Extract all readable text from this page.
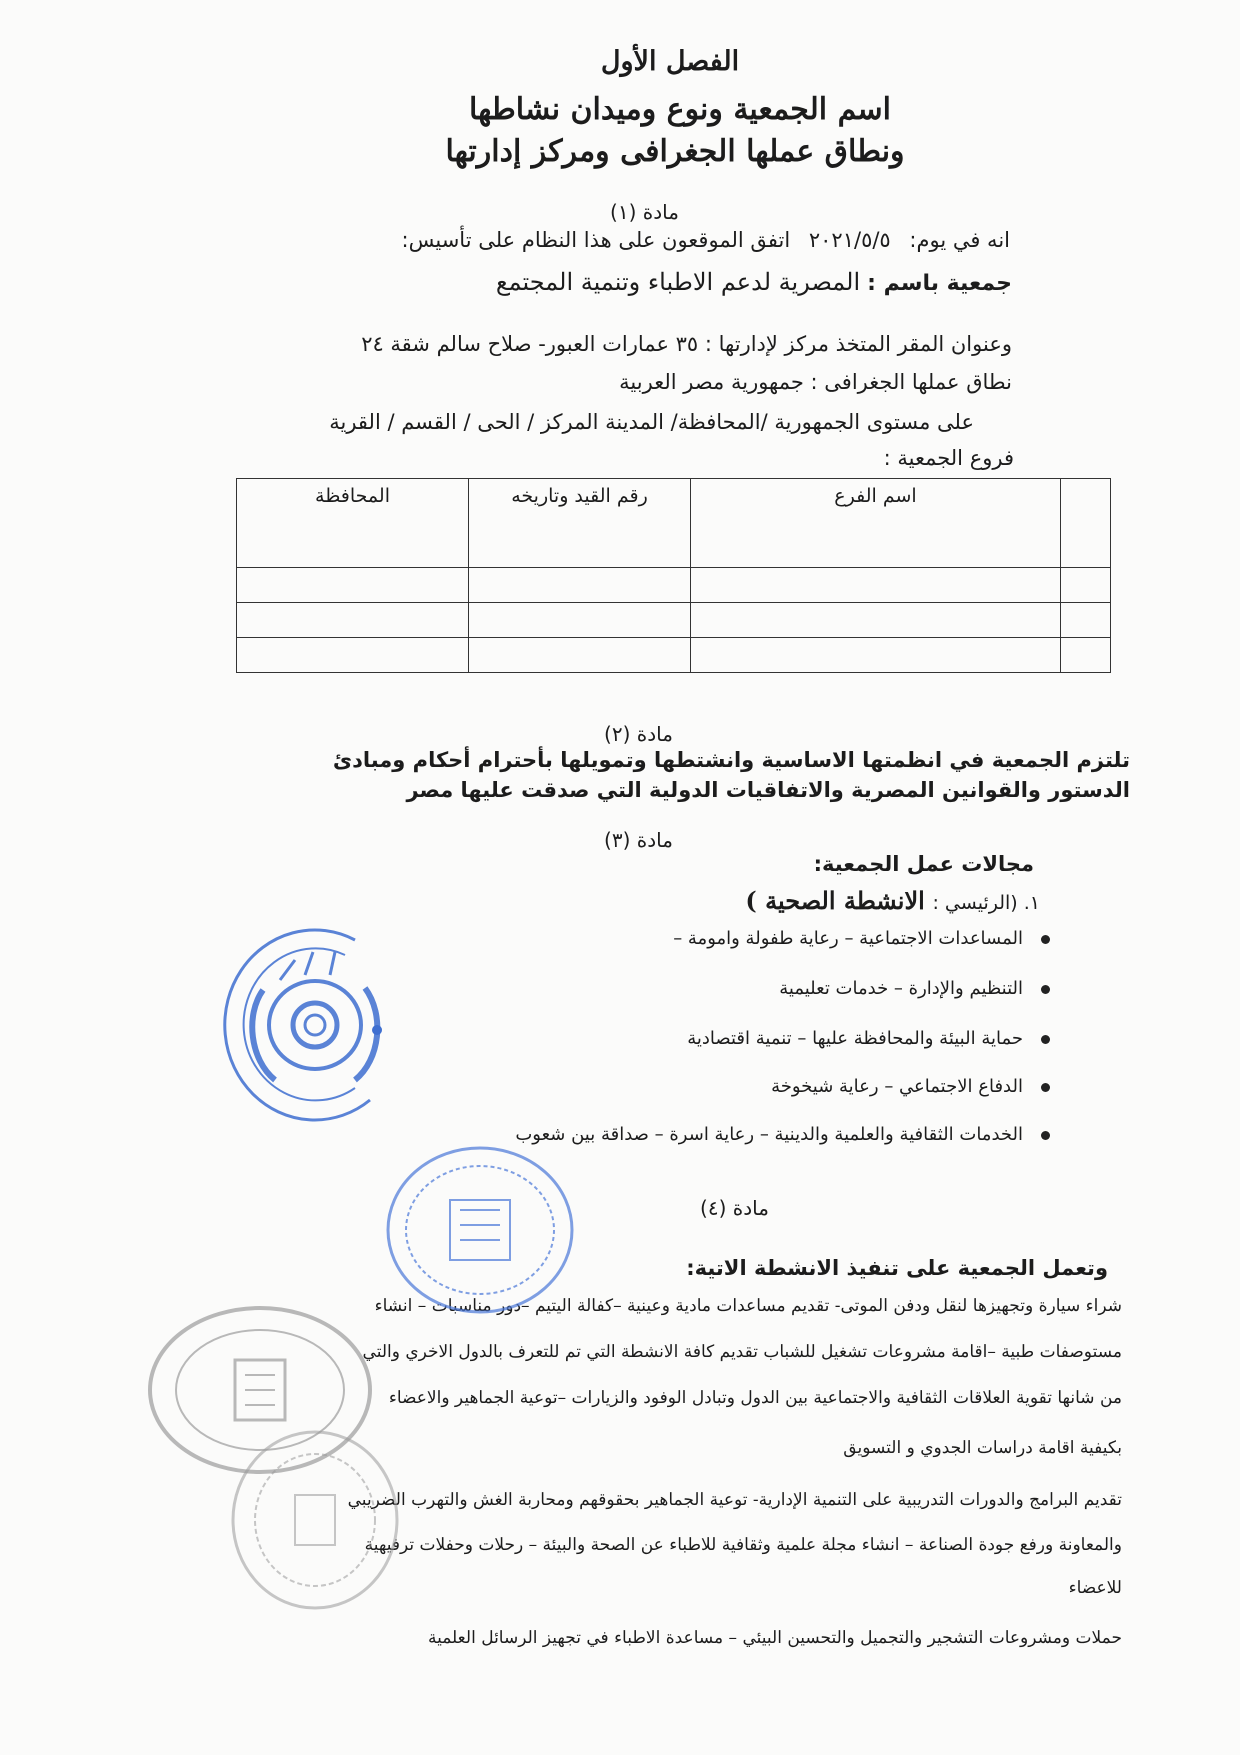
الفصل الأول
اسم الجمعية ونوع وميدان نشاطها
ونطاق عملها الجغرافى ومركز إدارتها
مادة (١)
انه في يوم: ٢٠٢١/٥/٥ اتفق الموقعون على هذا النظام على تأسيس:
جمعية باسم : المصرية لدعم الاطباء وتنمية المجتمع
وعنوان المقر المتخذ مركز لإدارتها : ٣٥ عمارات العبور- صلاح سالم شقة ٢٤
نطاق عملها الجغرافى : جمهورية مصر العربية
على مستوى الجمهورية /المحافظة/ المدينة المركز / الحى / القسم / القرية
فروع الجمعية :
	اسم الفرع	رقم القيد وتاريخه	المحافظة

مادة (٢)
تلتزم الجمعية في انظمتها الاساسية وانشتطها وتمويلها بأحترام أحكام ومبادئ
الدستور والقوانين المصرية والاتفاقيات الدولية التي صدقت عليها مصر
مادة (٣)
مجالات عمل الجمعية:
١. (الرئيسي : الانشطة الصحية )
المساعدات الاجتماعية – رعاية طفولة وامومة –
التنظيم والإدارة – خدمات تعليمية
حماية البيئة والمحافظة عليها – تنمية اقتصادية
الدفاع الاجتماعي – رعاية شيخوخة
الخدمات الثقافية والعلمية والدينية – رعاية اسرة – صداقة بين شعوب
مادة (٤)
وتعمل الجمعية على تنفيذ الانشطة الاتية:
شراء سيارة وتجهيزها لنقل ودفن الموتى- تقديم مساعدات مادية وعينية –كفالة اليتيم –دور مناسبات – انشاء
مستوصفات طبية –اقامة مشروعات تشغيل للشباب تقديم كافة الانشطة التي تم للتعرف بالدول الاخري والتي
من شانها تقوية العلاقات الثقافية والاجتماعية بين الدول وتبادل الوفود والزيارات –توعية الجماهير والاعضاء
بكيفية اقامة دراسات الجدوي و التسويق
تقديم البرامج والدورات التدريبية على التنمية الإدارية- توعية الجماهير بحقوقهم ومحاربة الغش والتهرب الضريبي
والمعاونة ورفع جودة الصناعة – انشاء مجلة علمية وثقافية للاطباء عن الصحة والبيئة – رحلات وحفلات ترفيهية
للاعضاء
حملات ومشروعات التشجير والتجميل والتحسين البيئي – مساعدة الاطباء في تجهيز الرسائل العلمية
